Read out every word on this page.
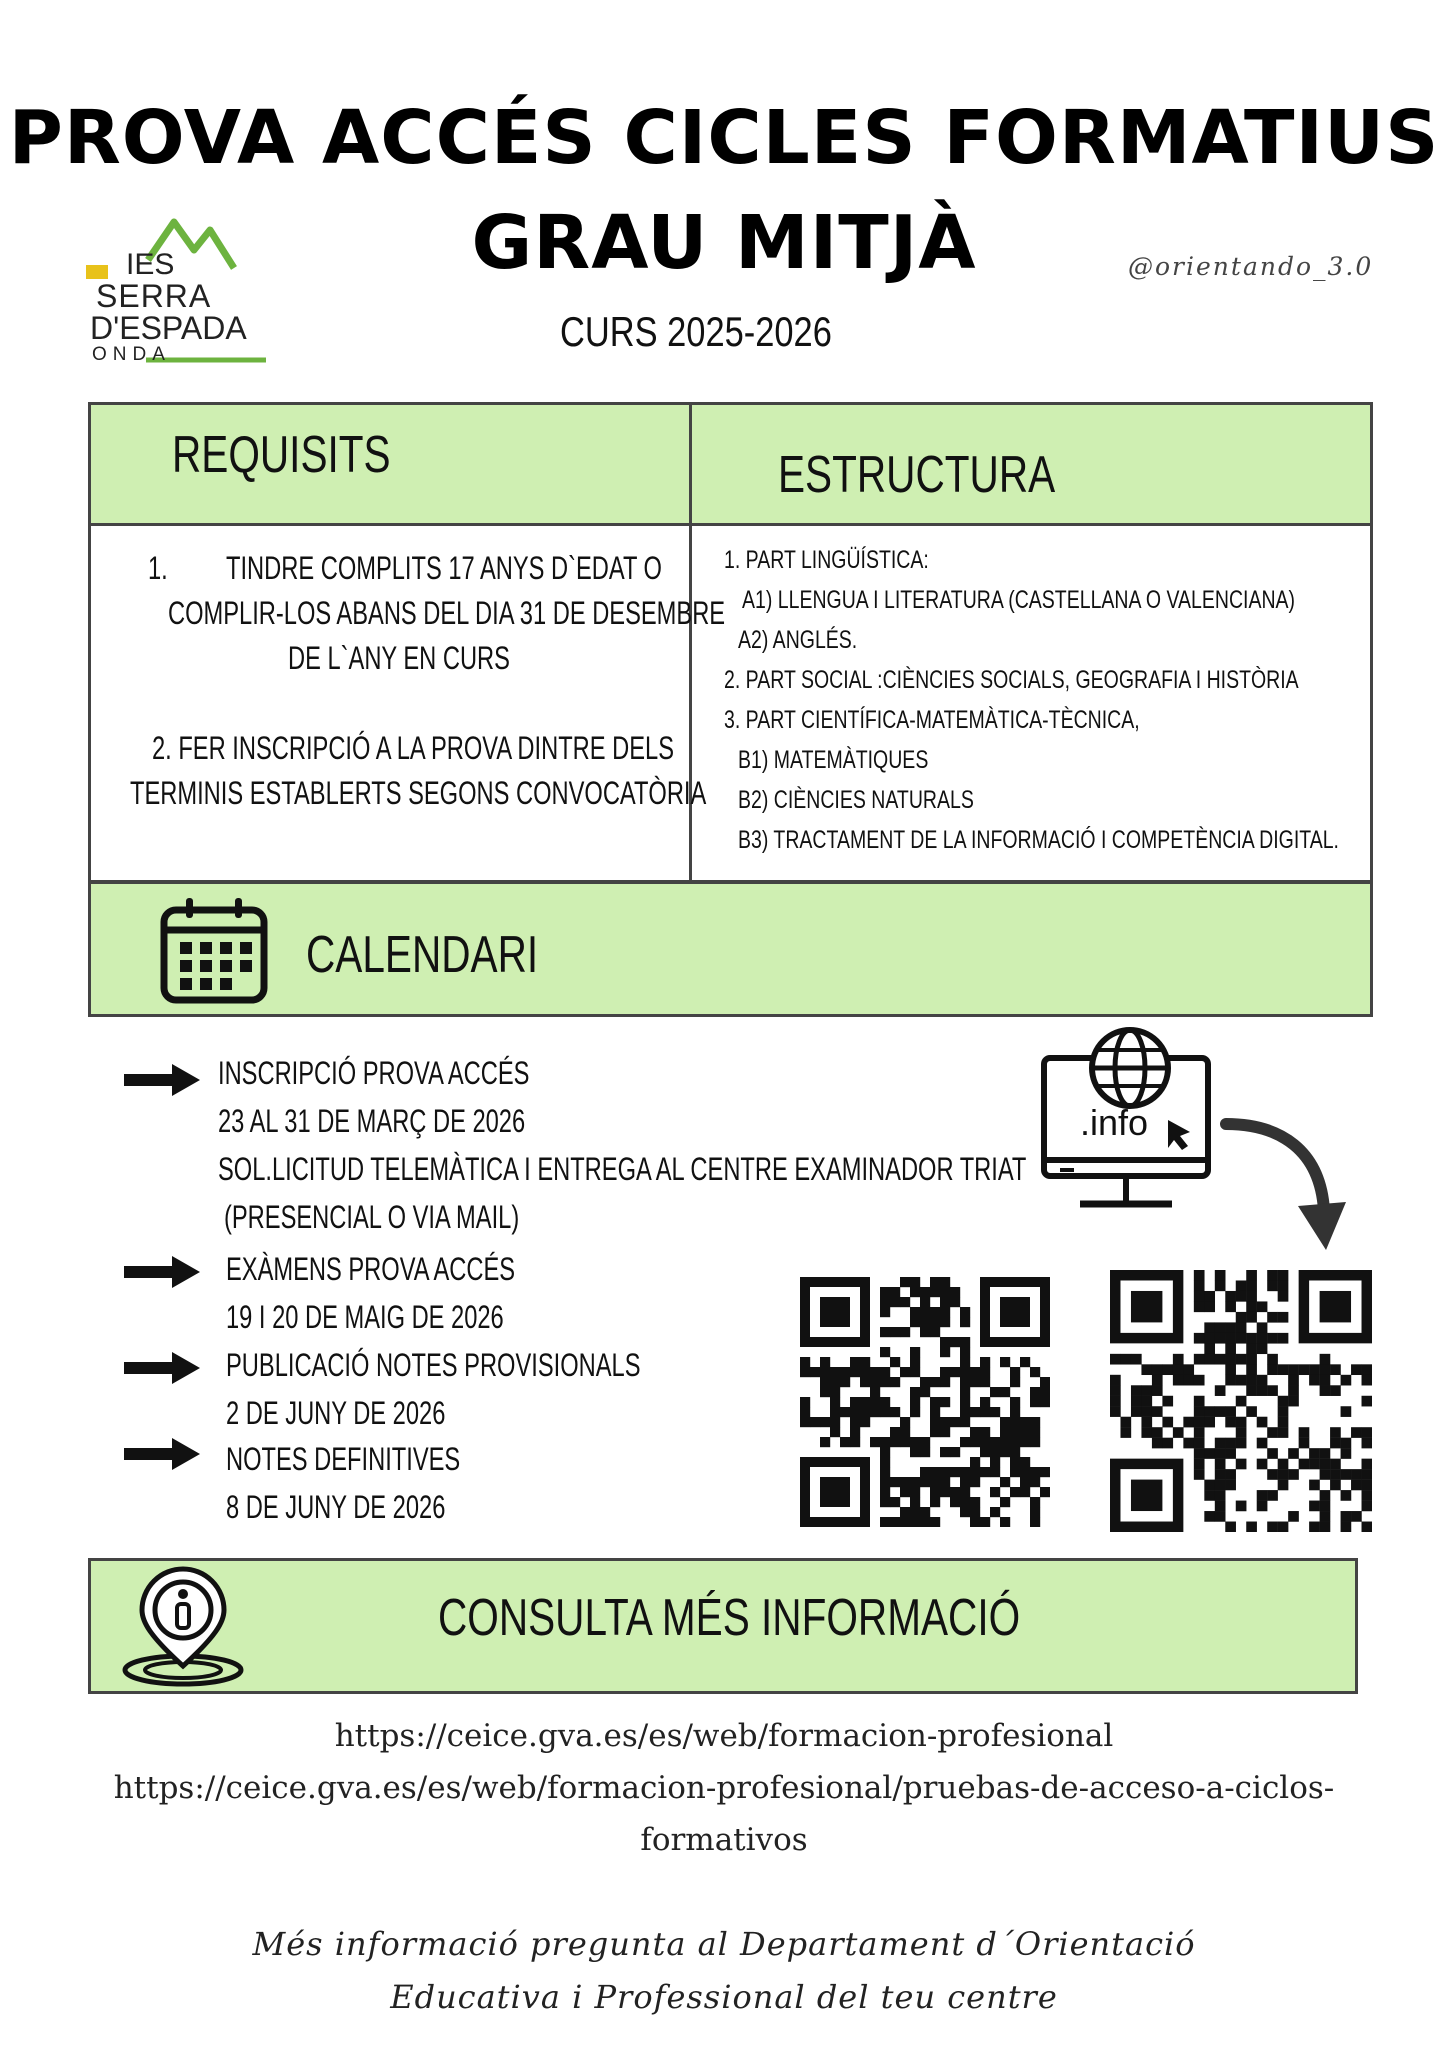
PROVA ACCÉS CICLES FORMATIUS
GRAU MITJÀ
CURS 2025-2026
@orientando_3.0
IES
SERRA
D'ESPADA
ONDA
REQUISITS	ESTRUCTURA
1. TINDRE COMPLITS 17 ANYS D`EDAT O
COMPLIR-LOS ABANS DEL DIA 31 DE DESEMBRE
DE L`ANY EN CURS
2. FER INSCRIPCIÓ A LA PROVA DINTRE DELS
TERMINIS ESTABLERTS SEGONS CONVOCATÒRIA
1. PART LINGÜÍSTICA:
A1) LLENGUA I LITERATURA (CASTELLANA O VALENCIANA)
A2) ANGLÉS.
2. PART SOCIAL :CIÈNCIES SOCIALS, GEOGRAFIA I HISTÒRIA
3. PART CIENTÍFICA-MATEMÀTICA-TÈCNICA,
B1) MATEMÀTIQUES
B2) CIÈNCIES NATURALS
B3) TRACTAMENT DE LA INFORMACIÓ I COMPETÈNCIA DIGITAL.
CALENDARI
INSCRIPCIÓ PROVA ACCÉS
23 AL 31 DE MARÇ DE 2026
SOL.LICITUD TELEMÀTICA I ENTREGA AL CENTRE EXAMINADOR TRIAT
(PRESENCIAL O VIA MAIL)
EXÀMENS PROVA ACCÉS
19 I 20 DE MAIG DE 2026
PUBLICACIÓ NOTES PROVISIONALS
2 DE JUNY DE 2026
NOTES DEFINITIVES
8 DE JUNY DE 2026
.info
CONSULTA MÉS INFORMACIÓ
https://ceice.gva.es/es/web/formacion-profesional
https://ceice.gva.es/es/web/formacion-profesional/pruebas-de-acceso-a-ciclos-
formativos
Més informació pregunta al Departament d´Orientació
Educativa i Professional del teu centre
